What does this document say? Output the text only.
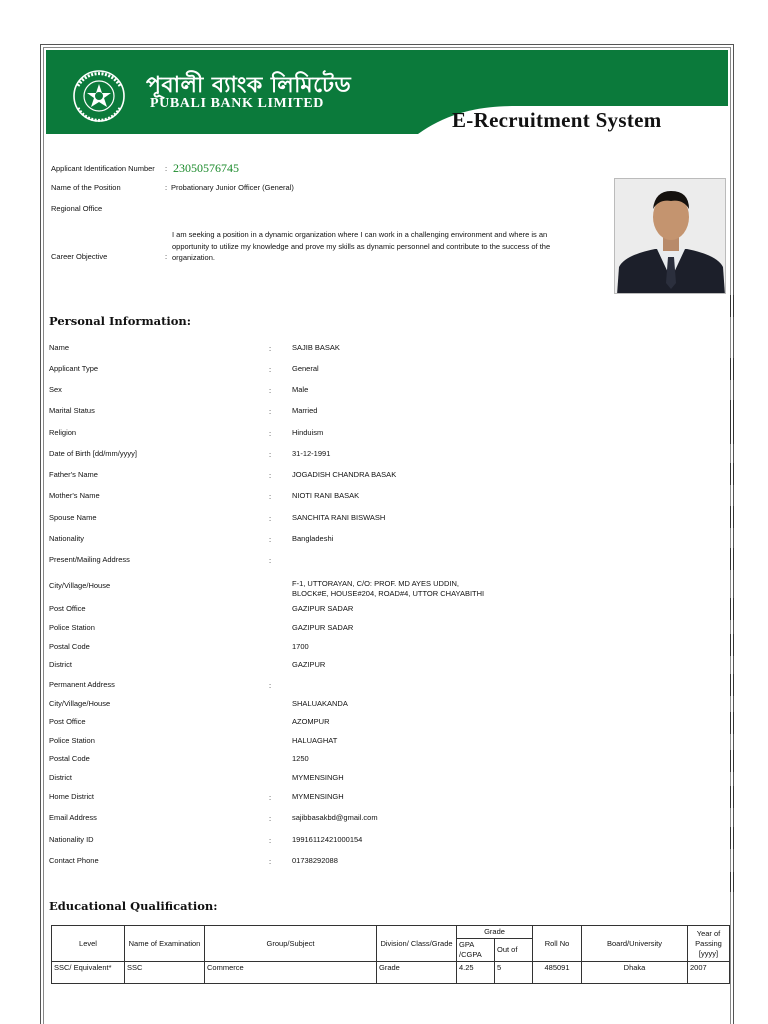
পূবালী ব্যাংক লিমিটেড
PUBALI BANK LIMITED
E-Recruitment System
Applicant Identification Number : 23050576745
Name of the Position	: Probationary Junior Officer (General)
Regional Office
I am seeking a position in a dynamic organization where I can work in a challenging environment and where is an opportunity to utilize my knowledge and prove my skills as dynamic personnel and contribute to the success of the organization.
Career Objective	:
Personal Information:
Name	:	SAJIB BASAK
Applicant Type	:	General
Sex	:	Male
Marital Status	:	Married
Religion	:	Hinduism
Date of Birth [dd/mm/yyyy]	:	31-12-1991
Father's Name	:	JOGADISH CHANDRA BASAK
Mother's Name	:	NIOTI RANI BASAK
Spouse Name	:	SANCHITA RANI BISWASH
Nationality	:	Bangladeshi
Present/Mailing Address	:
City/Village/House	F-1, UTTORAYAN, C/O: PROF. MD AYES UDDIN,
BLOCK#E, HOUSE#204, ROAD#4, UTTOR CHAYABITHI
Post Office	GAZIPUR SADAR
Police Station	GAZIPUR SADAR
Postal Code	1700
District	GAZIPUR
Permanent Address	:
City/Village/House	SHALUAKANDA
Post Office	AZOMPUR
Police Station	HALUAGHAT
Postal Code	1250
District	MYMENSINGH
Home District	:	MYMENSINGH
Email Address	:	sajibbasakbd@gmail.com
Nationality ID	:	19916112421000154
Contact Phone	:	01738292088
Educational Qualification:
Level	Name of Examination	Group/Subject	Division/ Class/Grade	Grade		Roll No	Board/University	Year of Passing [yyyy]
				GPA /CGPA	Out of			
SSC/ Equivalent*	SSC	Commerce	Grade	4.25	5	485091	Dhaka	2007
